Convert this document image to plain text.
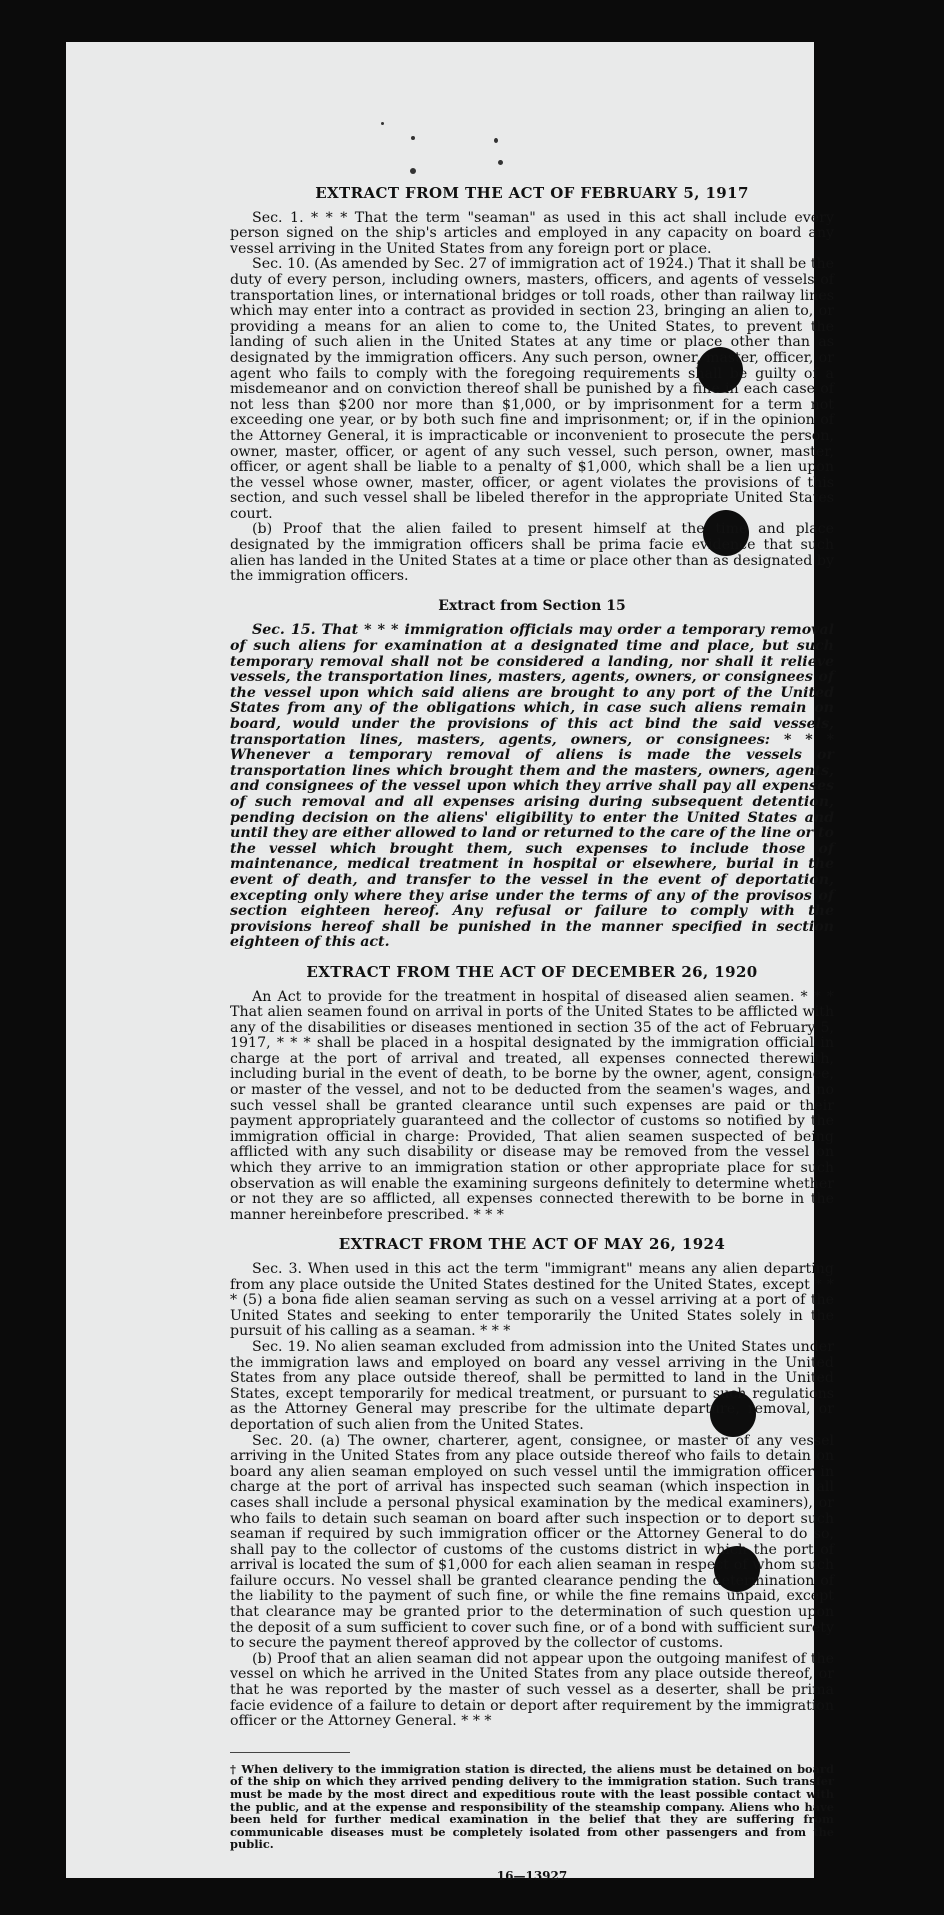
EXTRACT FROM THE ACT OF FEBRUARY 5, 1917

Sec. 1. * * * That the term "seaman" as used in this act shall include every person signed on the ship's articles and employed in any capacity on board any vessel arriving in the United States from any foreign port or place.

Sec. 10. (As amended by Sec. 27 of immigration act of 1924.) That it shall be the duty of every person, including owners, masters, officers, and agents of vessels of transportation lines, or international bridges or toll roads, other than railway lines which may enter into a contract as provided in section 23, bringing an alien to, or providing a means for an alien to come to, the United States, to prevent the landing of such alien in the United States at any time or place other than as designated by the immigration officers. Any such person, owner, master, officer, or agent who fails to comply with the foregoing requirements shall be guilty of a misdemeanor and on conviction thereof shall be punished by a fine in each case of not less than $200 nor more than $1,000, or by imprisonment for a term not exceeding one year, or by both such fine and imprisonment; or, if in the opinion of the Attorney General, it is impracticable or inconvenient to prosecute the person, owner, master, officer, or agent of any such vessel, such person, owner, master, officer, or agent shall be liable to a penalty of $1,000, which shall be a lien upon the vessel whose owner, master, officer, or agent violates the provisions of this section, and such vessel shall be libeled therefor in the appropriate United States court.

(b) Proof that the alien failed to present himself at the time and place designated by the immigration officers shall be prima facie evidence that such alien has landed in the United States at a time or place other than as designated by the immigration officers.

Extract from Section 15

Sec. 15. That * * * immigration officials may order a temporary removal of such aliens for examination at a designated time and place, but such temporary removal shall not be considered a landing, nor shall it relieve vessels, the transportation lines, masters, agents, owners, or consignees of the vessel upon which said aliens are brought to any port of the United States from any of the obligations which, in case such aliens remain on board, would under the provisions of this act bind the said vessels, transportation lines, masters, agents, owners, or consignees: * * * Whenever a temporary removal of aliens is made the vessels or transportation lines which brought them and the masters, owners, agents, and consignees of the vessel upon which they arrive shall pay all expenses of such removal and all expenses arising during subsequent detention, pending decision on the aliens' eligibility to enter the United States and until they are either allowed to land or returned to the care of the line or to the vessel which brought them, such expenses to include those of maintenance, medical treatment in hospital or elsewhere, burial in the event of death, and transfer to the vessel in the event of deportation, excepting only where they arise under the terms of any of the provisos of section eighteen hereof. Any refusal or failure to comply with the provisions hereof shall be punished in the manner specified in section eighteen of this act.

EXTRACT FROM THE ACT OF DECEMBER 26, 1920

An Act to provide for the treatment in hospital of diseased alien seamen. * * * That alien seamen found on arrival in ports of the United States to be afflicted with any of the disabilities or diseases mentioned in section 35 of the act of February 5, 1917, * * * shall be placed in a hospital designated by the immigration official in charge at the port of arrival and treated, all expenses connected therewith, including burial in the event of death, to be borne by the owner, agent, consignee, or master of the vessel, and not to be deducted from the seamen's wages, and no such vessel shall be granted clearance until such expenses are paid or their payment appropriately guaranteed and the collector of customs so notified by the immigration official in charge: Provided, That alien seamen suspected of being afflicted with any such disability or disease may be removed from the vessel on which they arrive to an immigration station or other appropriate place for such observation as will enable the examining surgeons definitely to determine whether or not they are so afflicted, all expenses connected therewith to be borne in the manner hereinbefore prescribed. * * *

EXTRACT FROM THE ACT OF MAY 26, 1924

Sec. 3. When used in this act the term "immigrant" means any alien departing from any place outside the United States destined for the United States, except * * * (5) a bona fide alien seaman serving as such on a vessel arriving at a port of the United States and seeking to enter temporarily the United States solely in the pursuit of his calling as a seaman. * * *

Sec. 19. No alien seaman excluded from admission into the United States under the immigration laws and employed on board any vessel arriving in the United States from any place outside thereof, shall be permitted to land in the United States, except temporarily for medical treatment, or pursuant to such regulations as the Attorney General may prescribe for the ultimate departure, removal, or deportation of such alien from the United States.

Sec. 20. (a) The owner, charterer, agent, consignee, or master of any vessel arriving in the United States from any place outside thereof who fails to detain on board any alien seaman employed on such vessel until the immigration officer in charge at the port of arrival has inspected such seaman (which inspection in all cases shall include a personal physical examination by the medical examiners), or who fails to detain such seaman on board after such inspection or to deport such seaman if required by such immigration officer or the Attorney General to do so, shall pay to the collector of customs of the customs district in which the port of arrival is located the sum of $1,000 for each alien seaman in respect of whom such failure occurs. No vessel shall be granted clearance pending the determination of the liability to the payment of such fine, or while the fine remains unpaid, except that clearance may be granted prior to the determination of such question upon the deposit of a sum sufficient to cover such fine, or of a bond with sufficient surety to secure the payment thereof approved by the collector of customs.

(b) Proof that an alien seaman did not appear upon the outgoing manifest of the vessel on which he arrived in the United States from any place outside thereof, or that he was reported by the master of such vessel as a deserter, shall be prima facie evidence of a failure to detain or deport after requirement by the immigration officer or the Attorney General. * * *

† When delivery to the immigration station is directed, the aliens must be detained on board of the ship on which they arrived pending delivery to the immigration station. Such transfer must be made by the most direct and expeditious route with the least possible contact with the public, and at the expense and responsibility of the steamship company. Aliens who have been held for further medical examination in the belief that they are suffering from communicable diseases must be completely isolated from other passengers and from the public.

16—13927
